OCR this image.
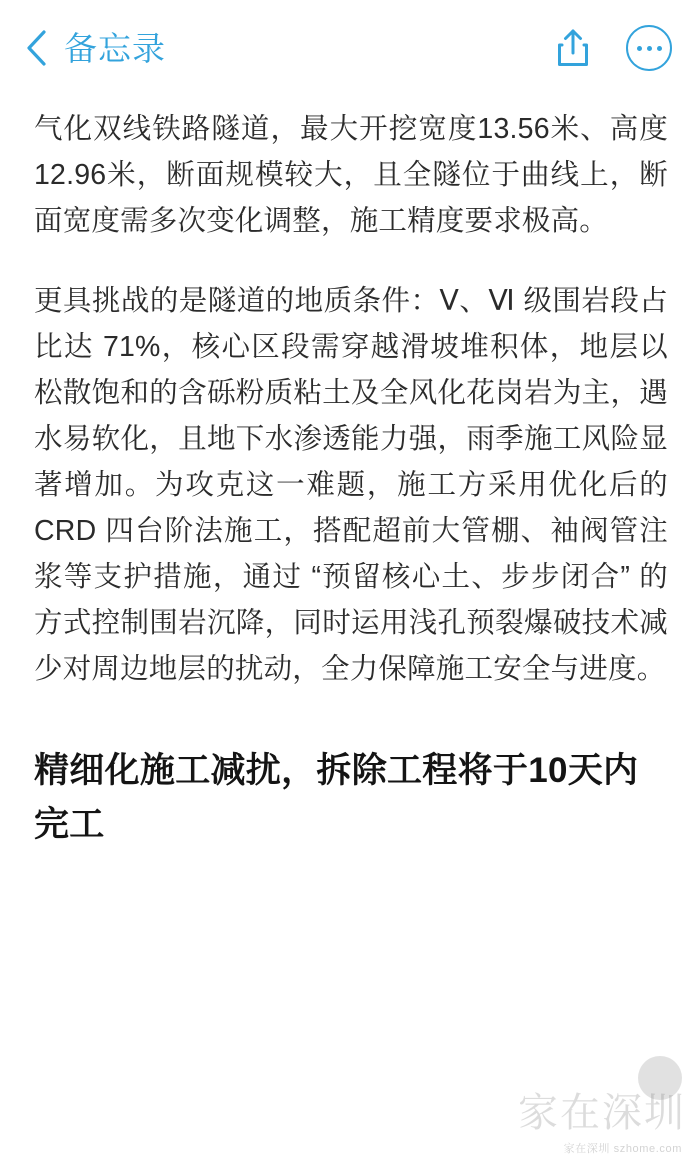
备忘录

气化双线铁路隧道，最大开挖宽度13.56米、高度12.96米，断面规模较大，且全隧位于曲线上，断面宽度需多次变化调整，施工精度要求极高。

更具挑战的是隧道的地质条件：Ⅴ、Ⅵ 级围岩段占比达 71%，核心区段需穿越滑坡堆积体，地层以松散饱和的含砾粉质粘土及全风化花岗岩为主，遇水易软化，且地下水渗透能力强，雨季施工风险显著增加。为攻克这一难题，施工方采用优化后的 CRD 四台阶法施工，搭配超前大管棚、袖阀管注浆等支护措施，通过 “预留核心土、步步闭合” 的方式控制围岩沉降，同时运用浅孔预裂爆破技术减少对周边地层的扰动，全力保障施工安全与进度。

精细化施工减扰，拆除工程将于10天内完工
家在深圳
家在深圳 szhome.com
